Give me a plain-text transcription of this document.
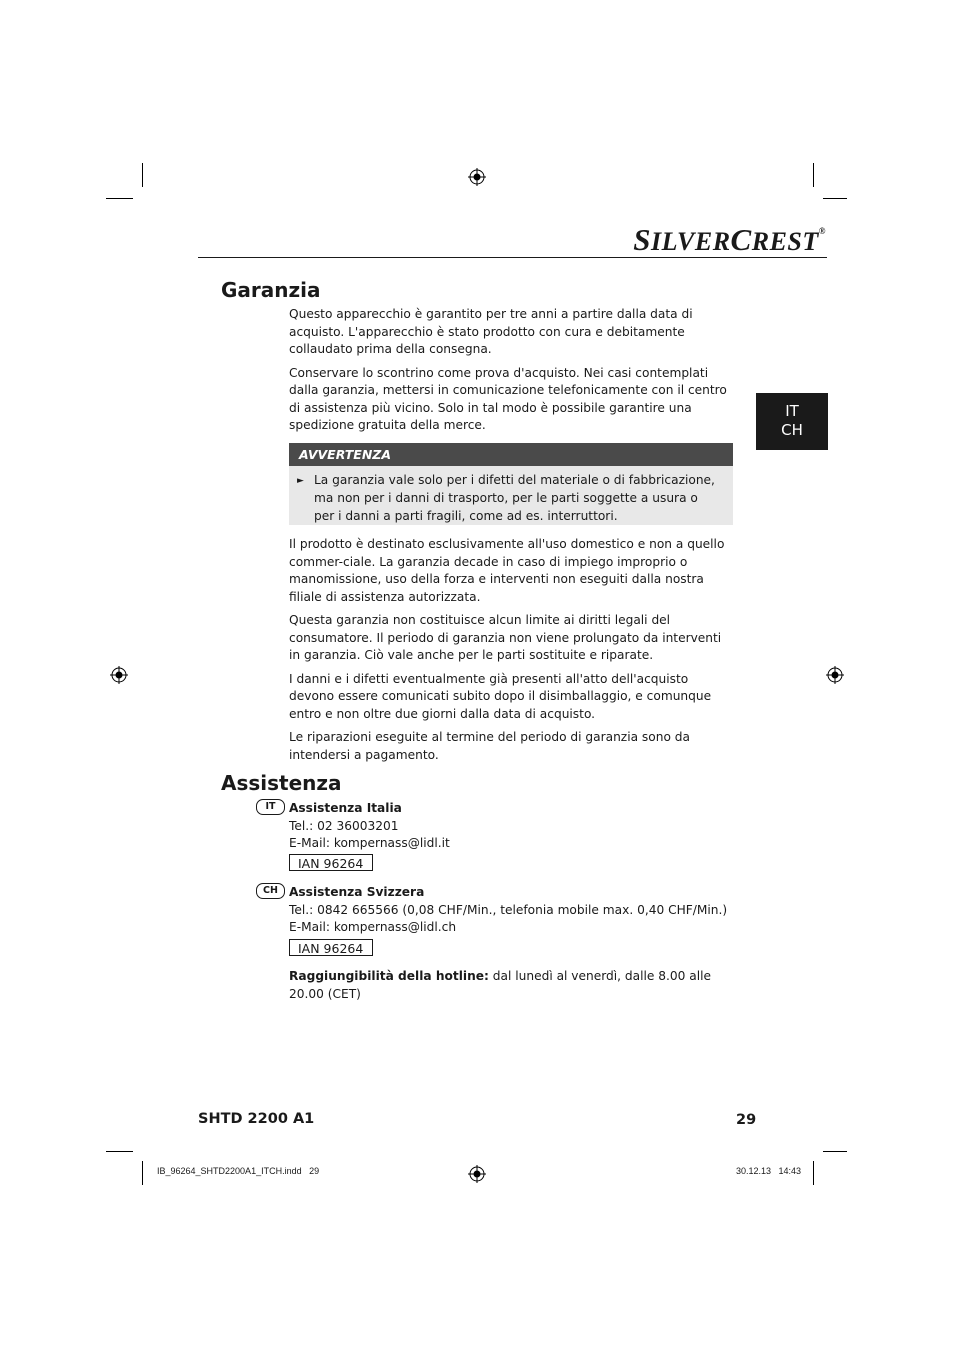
SILVERCREST®
IT
CH
Garanzia

Questo apparecchio è garantito per tre anni a partire dalla data di acquisto. L'apparecchio è stato prodotto con cura e debitamente collaudato prima della consegna.

Conservare lo scontrino come prova d'acquisto. Nei casi contemplati dalla garanzia, mettersi in comunicazione telefonicamente con il centro di assistenza più vicino. Solo in tal modo è possibile garantire una spedizione gratuita della merce.

AVVERTENZA
► La garanzia vale solo per i difetti del materiale o di fabbricazione, ma non per i danni di trasporto, per le parti soggette a usura o per i danni a parti fragili, come ad es. interruttori.

Il prodotto è destinato esclusivamente all'uso domestico e non a quello commer-ciale. La garanzia decade in caso di impiego improprio o manomissione, uso della forza e interventi non eseguiti dalla nostra filiale di assistenza autorizzata.

Questa garanzia non costituisce alcun limite ai diritti legali del consumatore. Il periodo di garanzia non viene prolungato da interventi in garanzia. Ciò vale anche per le parti sostituite e riparate.

I danni e i difetti eventualmente già presenti all'atto dell'acquisto devono essere comunicati subito dopo il disimballaggio, e comunque entro e non oltre due giorni dalla data di acquisto.

Le riparazioni eseguite al termine del periodo di garanzia sono da intendersi a pagamento.

Assistenza
IT	Assistenza Italia
Tel.: 02 36003201
E-Mail: kompernass@lidl.it
IAN 96264
CH Assistenza Svizzera
Tel.: 0842 665566 (0,08 CHF/Min., telefonia mobile max. 0,40 CHF/Min.)
E-Mail: kompernass@lidl.ch
IAN 96264
Raggiungibilità della hotline: dal lunedì al venerdì, dalle 8.00 alle 20.00 (CET)
SHTD 2200 A1	29
IB_96264_SHTD2200A1_ITCH.indd   29	30.12.13   14:43
